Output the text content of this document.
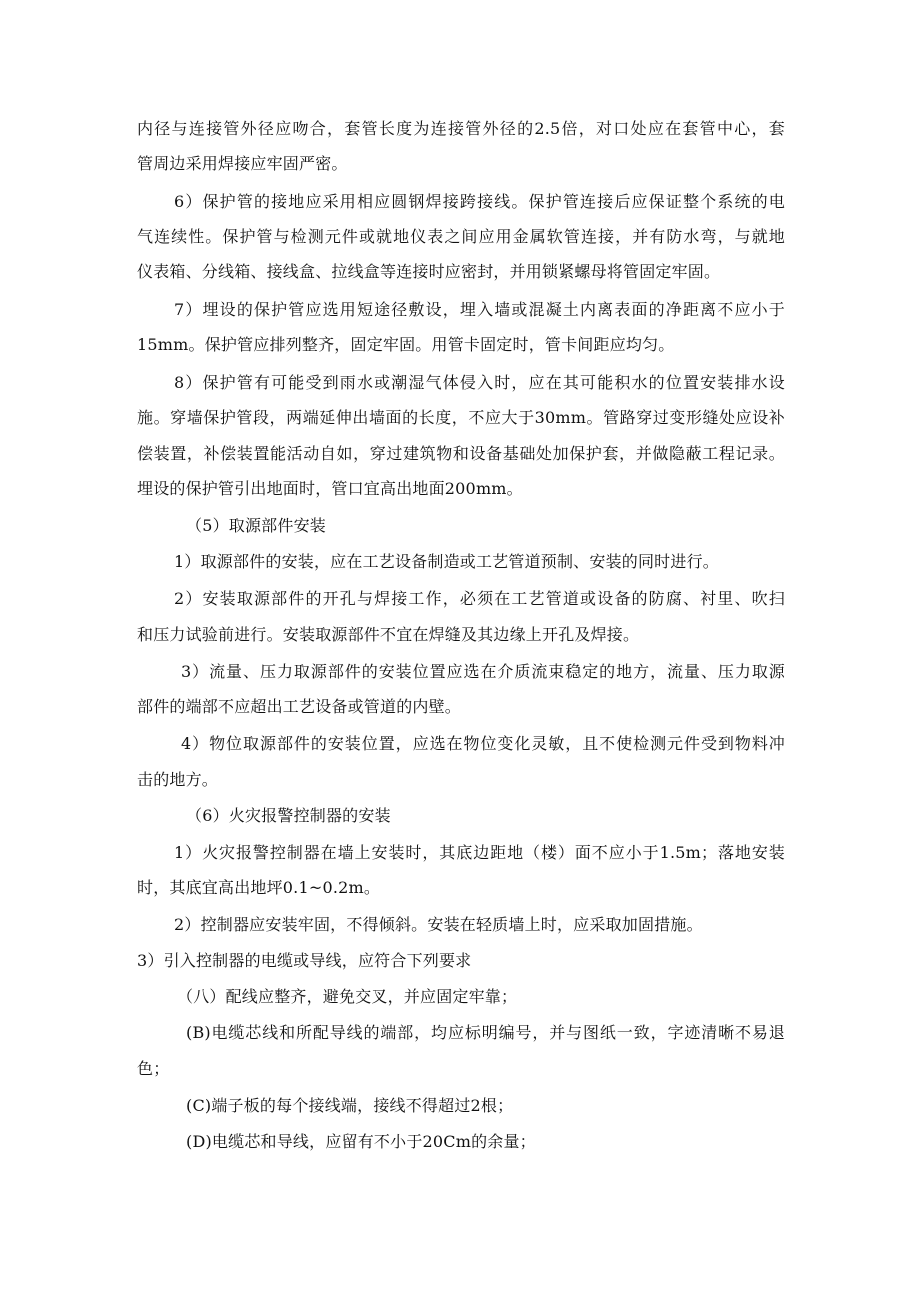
内径与连接管外径应吻合，套管长度为连接管外径的2.5倍，对口处应在套管中心，套
管周边采用焊接应牢固严密。
6）保护管的接地应采用相应圆钢焊接跨接线。保护管连接后应保证整个系统的电
气连续性。保护管与检测元件或就地仪表之间应用金属软管连接，并有防水弯，与就地
仪表箱、分线箱、接线盒、拉线盒等连接时应密封，并用锁紧螺母将管固定牢固。
7）埋设的保护管应选用短途径敷设，埋入墙或混凝土内离表面的净距离不应小于
15mm。保护管应排列整齐，固定牢固。用管卡固定时，管卡间距应均匀。
8）保护管有可能受到雨水或潮湿气体侵入时，应在其可能积水的位置安装排水设
施。穿墙保护管段，两端延伸出墙面的长度，不应大于30mm。管路穿过变形缝处应设补
偿装置，补偿装置能活动自如，穿过建筑物和设备基础处加保护套，并做隐蔽工程记录。
埋设的保护管引出地面时，管口宜高出地面200mm。
（5）取源部件安装
1）取源部件的安装，应在工艺设备制造或工艺管道预制、安装的同时进行。
2）安装取源部件的开孔与焊接工作，必须在工艺管道或设备的防腐、衬里、吹扫
和压力试验前进行。安装取源部件不宜在焊缝及其边缘上开孔及焊接。
3）流量、压力取源部件的安装位置应选在介质流束稳定的地方，流量、压力取源
部件的端部不应超出工艺设备或管道的内壁。
4）物位取源部件的安装位置，应选在物位变化灵敏，且不使检测元件受到物料冲
击的地方。
（6）火灾报警控制器的安装
1）火灾报警控制器在墙上安装时，其底边距地（楼）面不应小于1.5m；落地安装
时，其底宜高出地坪0.1~0.2m。
2）控制器应安装牢固，不得倾斜。安装在轻质墙上时，应采取加固措施。
3）引入控制器的电缆或导线，应符合下列要求
（八）配线应整齐，避免交叉，并应固定牢靠；
(B)电缆芯线和所配导线的端部，均应标明编号，并与图纸一致，字迹清晰不易退
色；
(C)端子板的每个接线端，接线不得超过2根；
(D)电缆芯和导线，应留有不小于20Cm的余量；
